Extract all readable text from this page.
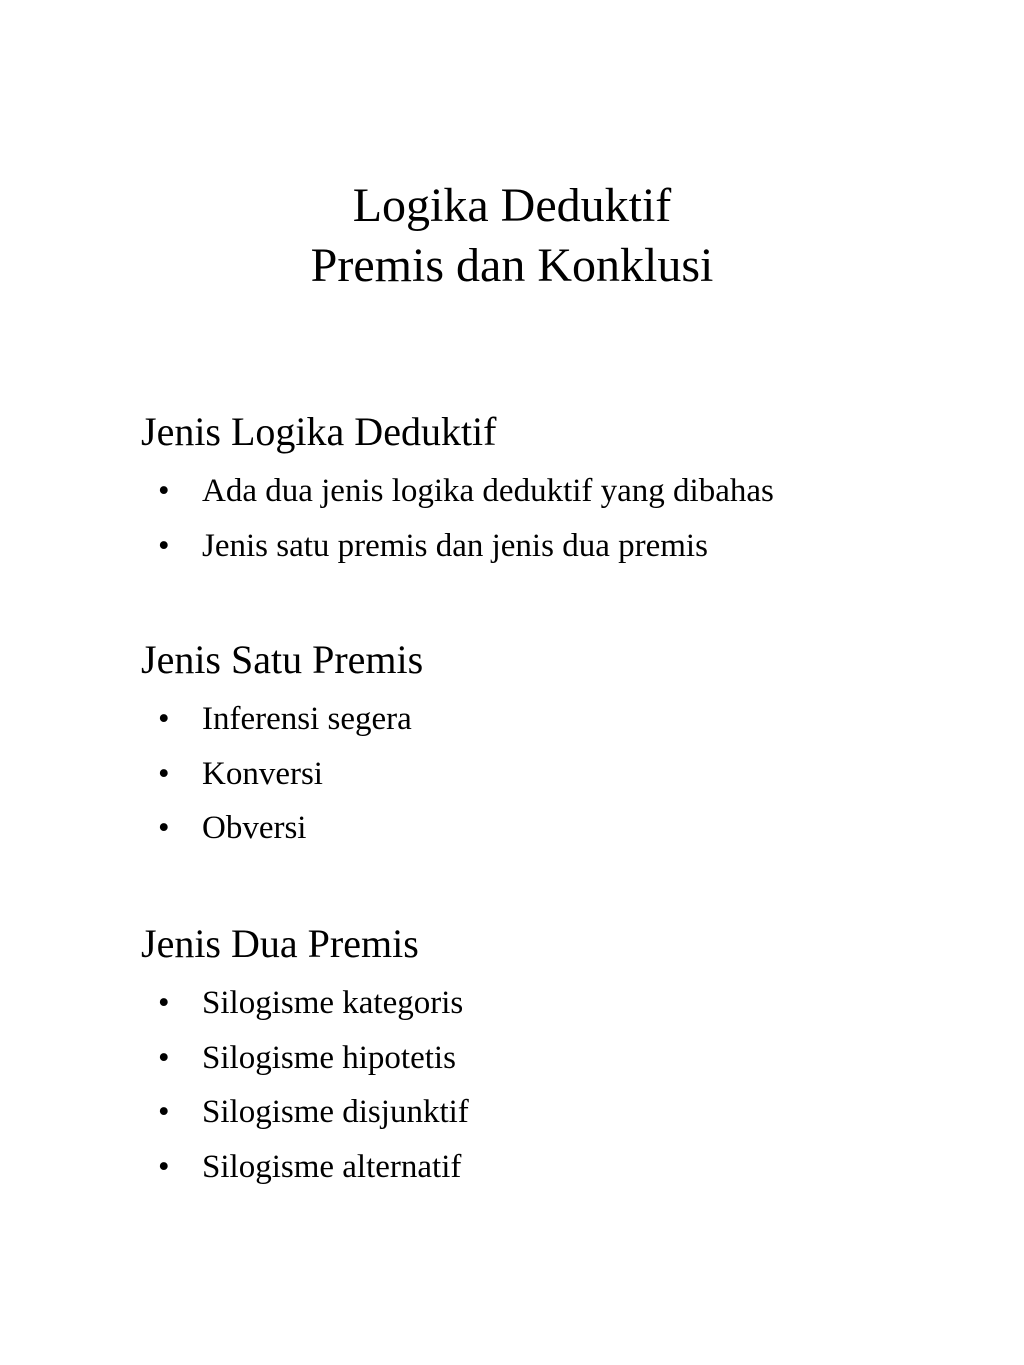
Logika Deduktif
Premis dan Konklusi
Jenis Logika Deduktif
• Ada dua jenis logika deduktif yang dibahas
• Jenis satu premis dan jenis dua premis
Jenis Satu Premis
• Inferensi segera
• Konversi
• Obversi
Jenis Dua Premis
• Silogisme kategoris
• Silogisme hipotetis
• Silogisme disjunktif
• Silogisme alternatif
